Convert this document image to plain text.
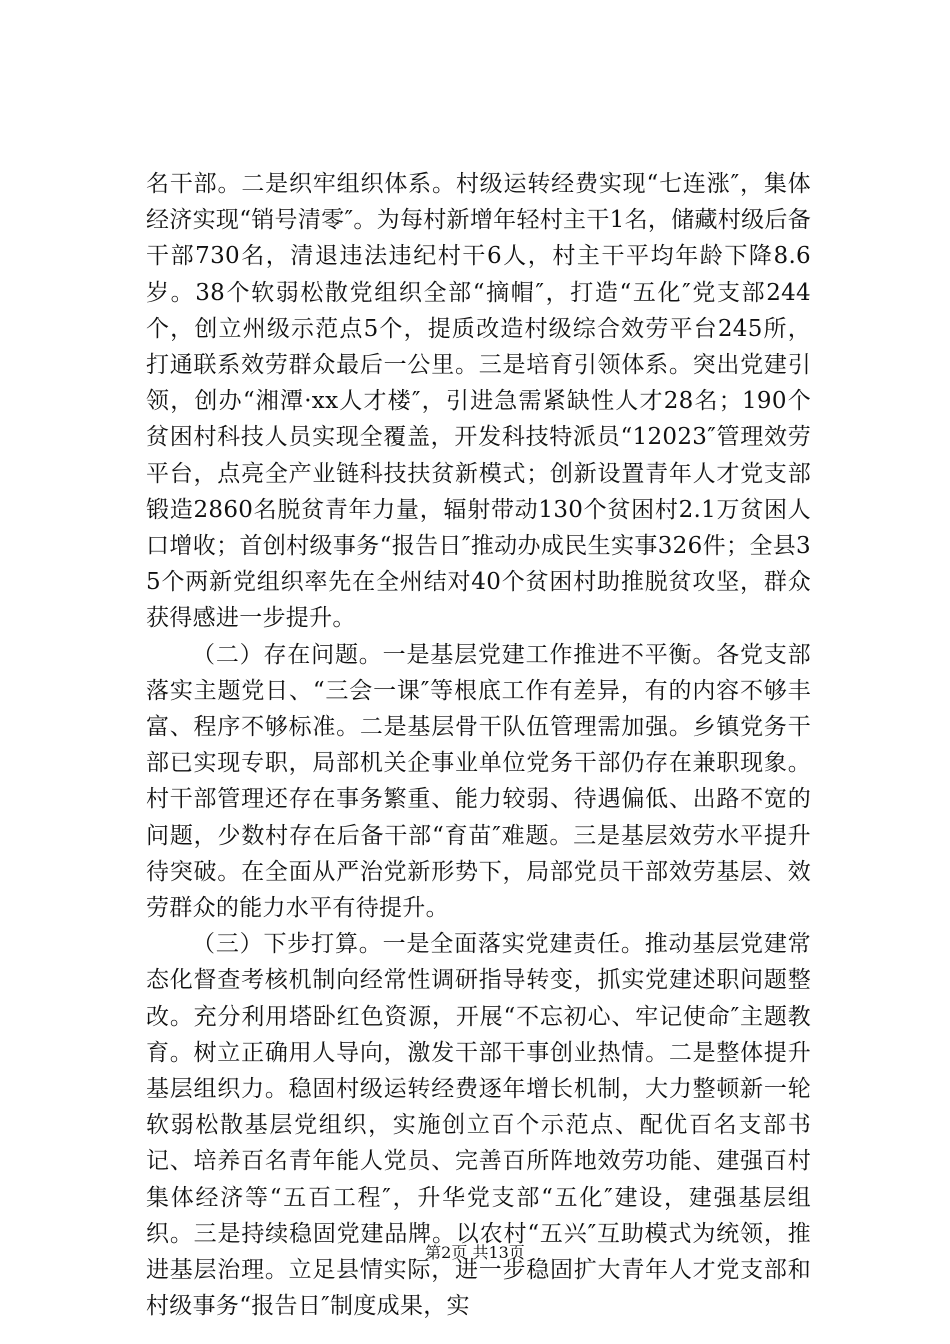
名干部。二是织牢组织体系。村级运转经费实现“七连涨″，集体经济实现“销号清零″。为每村新增年轻村主干1名，储藏村级后备干部730名，清退违法违纪村干6人，村主干平均年龄下降8.6岁。38个软弱松散党组织全部“摘帽″，打造“五化″党支部244个，创立州级示范点5个，提质改造村级综合效劳平台245所，打通联系效劳群众最后一公里。三是培育引领体系。突出党建引领，创办“湘潭·xx人才楼″，引进急需紧缺性人才28名；190个贫困村科技人员实现全覆盖，开发科技特派员“12023″管理效劳平台，点亮全产业链科技扶贫新模式；创新设置青年人才党支部锻造2860名脱贫青年力量，辐射带动130个贫困村2.1万贫困人口增收；首创村级事务“报告日″推动办成民生实事326件；全县35个两新党组织率先在全州结对40个贫困村助推脱贫攻坚，群众获得感进一步提升。

（二）存在问题。一是基层党建工作推进不平衡。各党支部落实主题党日、“三会一课″等根底工作有差异，有的内容不够丰富、程序不够标准。二是基层骨干队伍管理需加强。乡镇党务干部已实现专职，局部机关企事业单位党务干部仍存在兼职现象。村干部管理还存在事务繁重、能力较弱、待遇偏低、出路不宽的问题，少数村存在后备干部“育苗″难题。三是基层效劳水平提升待突破。在全面从严治党新形势下，局部党员干部效劳基层、效劳群众的能力水平有待提升。

（三）下步打算。一是全面落实党建责任。推动基层党建常态化督查考核机制向经常性调研指导转变，抓实党建述职问题整改。充分利用塔卧红色资源，开展“不忘初心、牢记使命″主题教育。树立正确用人导向，激发干部干事创业热情。二是整体提升基层组织力。稳固村级运转经费逐年增长机制，大力整顿新一轮软弱松散基层党组织，实施创立百个示范点、配优百名支部书记、培养百名青年能人党员、完善百所阵地效劳功能、建强百村集体经济等“五百工程″，升华党支部“五化″建设，建强基层组织。三是持续稳固党建品牌。以农村“五兴″互助模式为统领，推进基层治理。立足县情实际，进一步稳固扩大青年人才党支部和村级事务“报告日″制度成果，实

第2页 共13页
